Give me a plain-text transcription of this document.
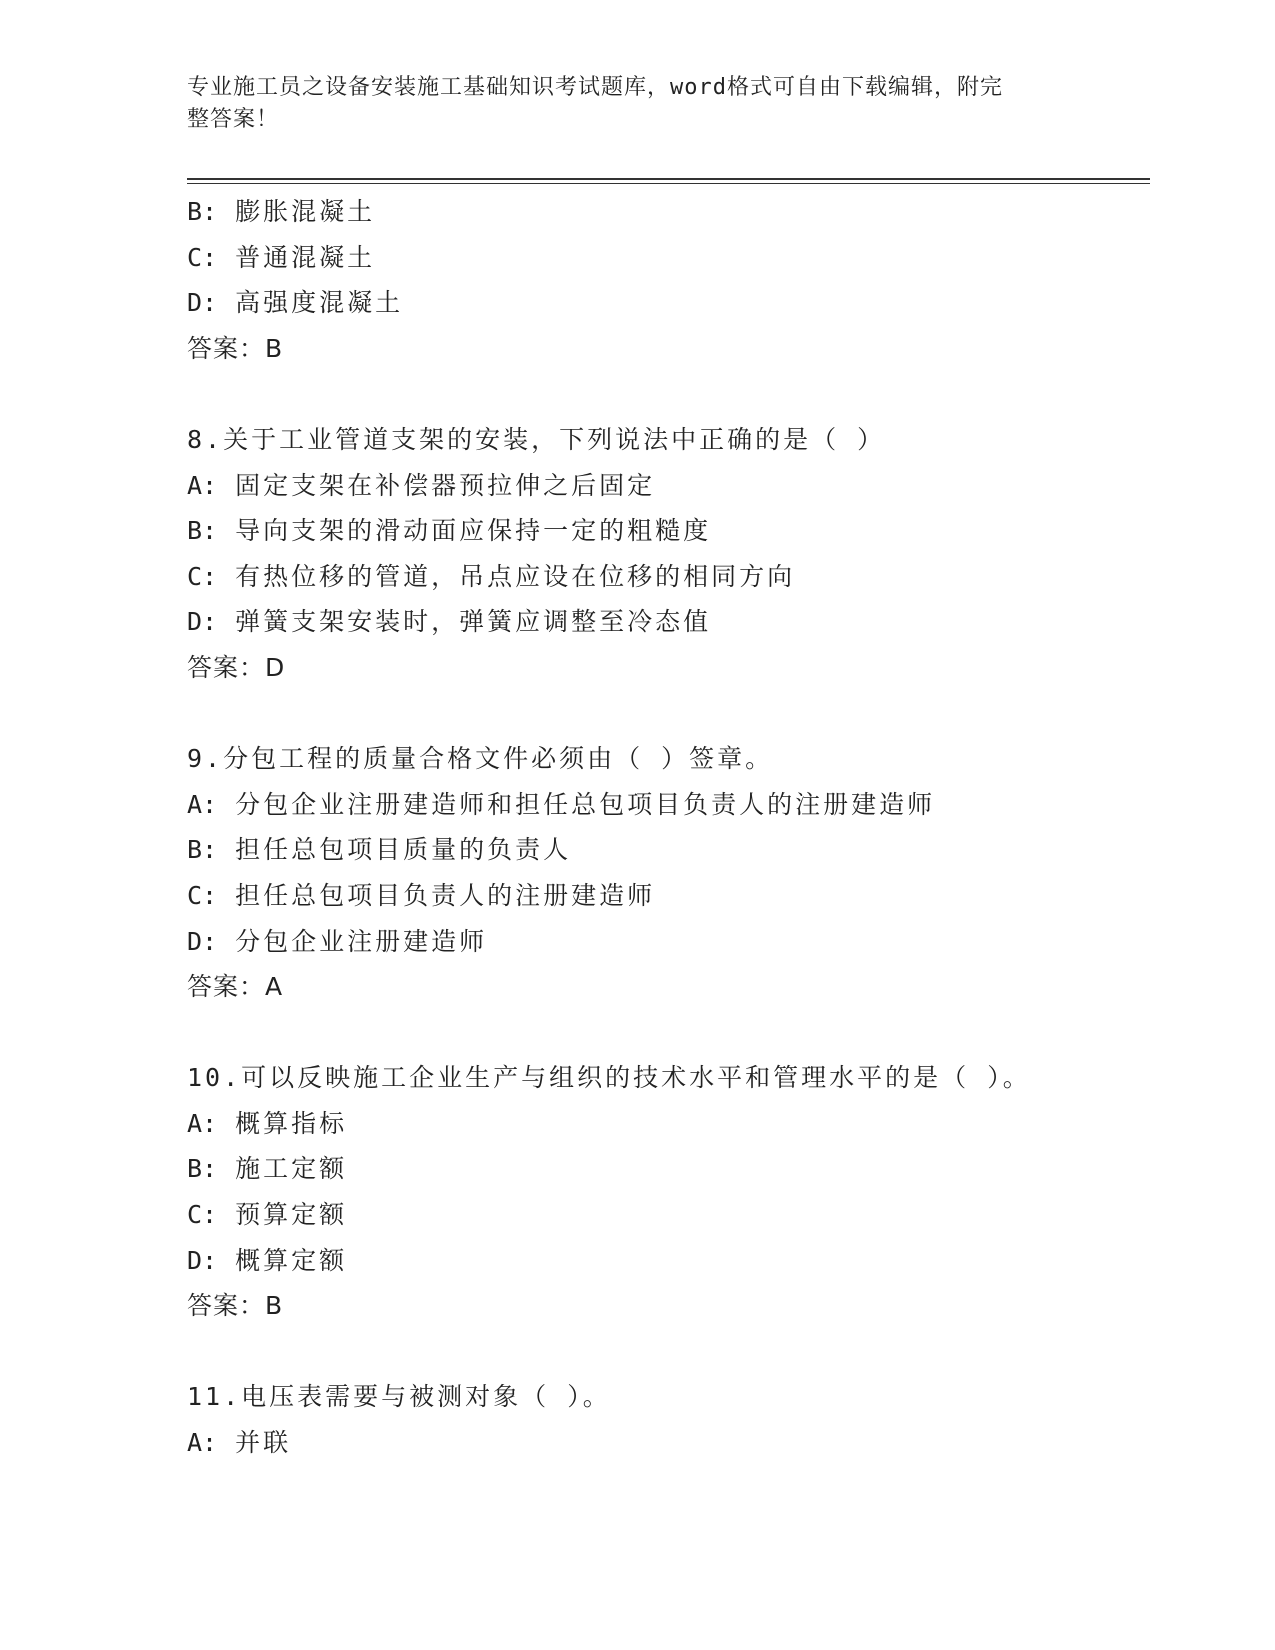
专业施工员之设备安装施工基础知识考试题库，word格式可自由下载编辑，附完
整答案！
B: 膨胀混凝土
C: 普通混凝土
D: 高强度混凝土
答案：B
8.关于工业管道支架的安装，下列说法中正确的是（ ）
A: 固定支架在补偿器预拉伸之后固定
B: 导向支架的滑动面应保持一定的粗糙度
C: 有热位移的管道，吊点应设在位移的相同方向
D: 弹簧支架安装时，弹簧应调整至冷态值
答案：D
9.分包工程的质量合格文件必须由（ ）签章。
A: 分包企业注册建造师和担任总包项目负责人的注册建造师
B: 担任总包项目质量的负责人
C: 担任总包项目负责人的注册建造师
D: 分包企业注册建造师
答案：A
10.可以反映施工企业生产与组织的技术水平和管理水平的是（ ）。
A: 概算指标
B: 施工定额
C: 预算定额
D: 概算定额
答案：B
11.电压表需要与被测对象（ ）。
A: 并联
